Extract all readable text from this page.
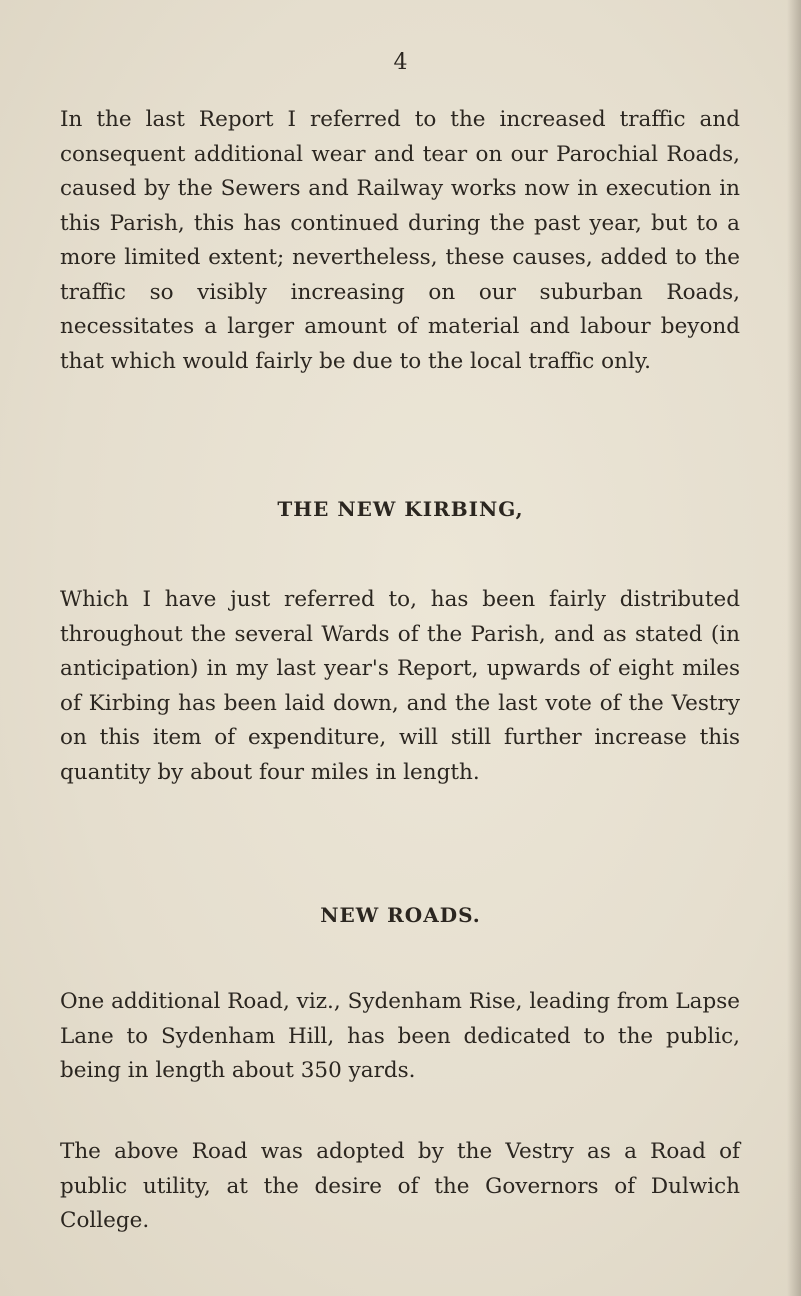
4

In the last Report I referred to the increased traffic and consequent additional wear and tear on our Parochial Roads, caused by the Sewers and Railway works now in execution in this Parish, this has continued during the past year, but to a more limited extent; nevertheless, these causes, added to the traffic so visibly increasing on our suburban Roads, necessitates a larger amount of material and labour beyond that which would fairly be due to the local traffic only.

THE NEW KIRBING,

Which I have just referred to, has been fairly distributed throughout the several Wards of the Parish, and as stated (in anticipation) in my last year's Report, upwards of eight miles of Kirbing has been laid down, and the last vote of the Vestry on this item of expenditure, will still further increase this quantity by about four miles in length.

NEW ROADS.

One additional Road, viz., Sydenham Rise, leading from Lapse Lane to Sydenham Hill, has been dedicated to the public, being in length about 350 yards.

The above Road was adopted by the Vestry as a Road of public utility, at the desire of the Governors of Dulwich College.
